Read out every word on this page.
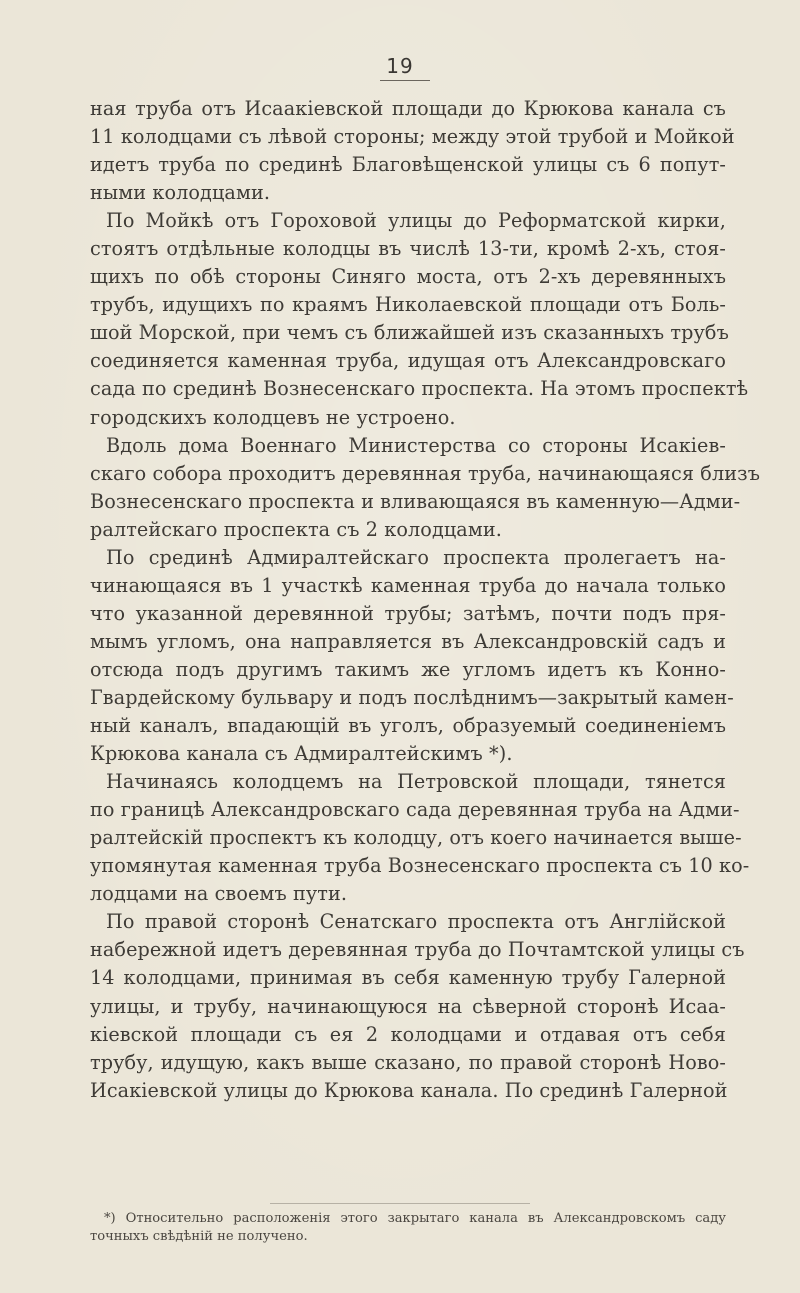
19
ная труба отъ Исаакіевской площади до Крюкова канала съ
11 колодцами съ лѣвой стороны; между этой трубой и Мойкой
идетъ труба по срединѣ Благовѣщенской улицы съ 6 попут-
ными колодцами.
По Мойкѣ отъ Гороховой улицы до Реформатской кирки,
стоятъ отдѣльные колодцы въ числѣ 13-ти, кромѣ 2-хъ, стоя-
щихъ по обѣ стороны Синяго моста, отъ 2-хъ деревянныхъ
трубъ, идущихъ по краямъ Николаевской площади отъ Боль-
шой Морской, при чемъ съ ближайшей изъ сказанныхъ трубъ
соединяется каменная труба, идущая отъ Александровскаго
сада по срединѣ Вознесенскаго проспекта. На этомъ проспектѣ
городскихъ колодцевъ не устроено.
Вдоль дома Военнаго Министерства со стороны Исакіев-
скаго собора проходитъ деревянная труба, начинающаяся близъ
Вознесенскаго проспекта и вливающаяся въ каменную—Адми-
ралтейскаго проспекта съ 2 колодцами.
По срединѣ Адмиралтейскаго проспекта пролегаетъ на-
чинающаяся въ 1 участкѣ каменная труба до начала только
что указанной деревянной трубы; затѣмъ, почти подъ пря-
мымъ угломъ, она направляется въ Александровскій садъ и
отсюда подъ другимъ такимъ же угломъ идетъ къ Конно-
Гвардейскому бульвару и подъ послѣднимъ—закрытый камен-
ный каналъ, впадающій въ уголъ, образуемый соединеніемъ
Крюкова канала съ Адмиралтейскимъ *).
Начинаясь колодцемъ на Петровской площади, тянется
по границѣ Александровскаго сада деревянная труба на Адми-
ралтейскій проспектъ къ колодцу, отъ коего начинается выше-
упомянутая каменная труба Вознесенскаго проспекта съ 10 ко-
лодцами на своемъ пути.
По правой сторонѣ Сенатскаго проспекта отъ Англійской
набережной идетъ деревянная труба до Почтамтской улицы съ
14 колодцами, принимая въ себя каменную трубу Галерной
улицы, и трубу, начинающуюся на сѣверной сторонѣ Исаа-
кіевской площади съ ея 2 колодцами и отдавая отъ себя
трубу, идущую, какъ выше сказано, по правой сторонѣ Ново-
Исакіевской улицы до Крюкова канала. По срединѣ Галерной
*) Относительно расположенія этого закрытаго канала въ Александровскомъ саду
точныхъ свѣдѣній не получено.
